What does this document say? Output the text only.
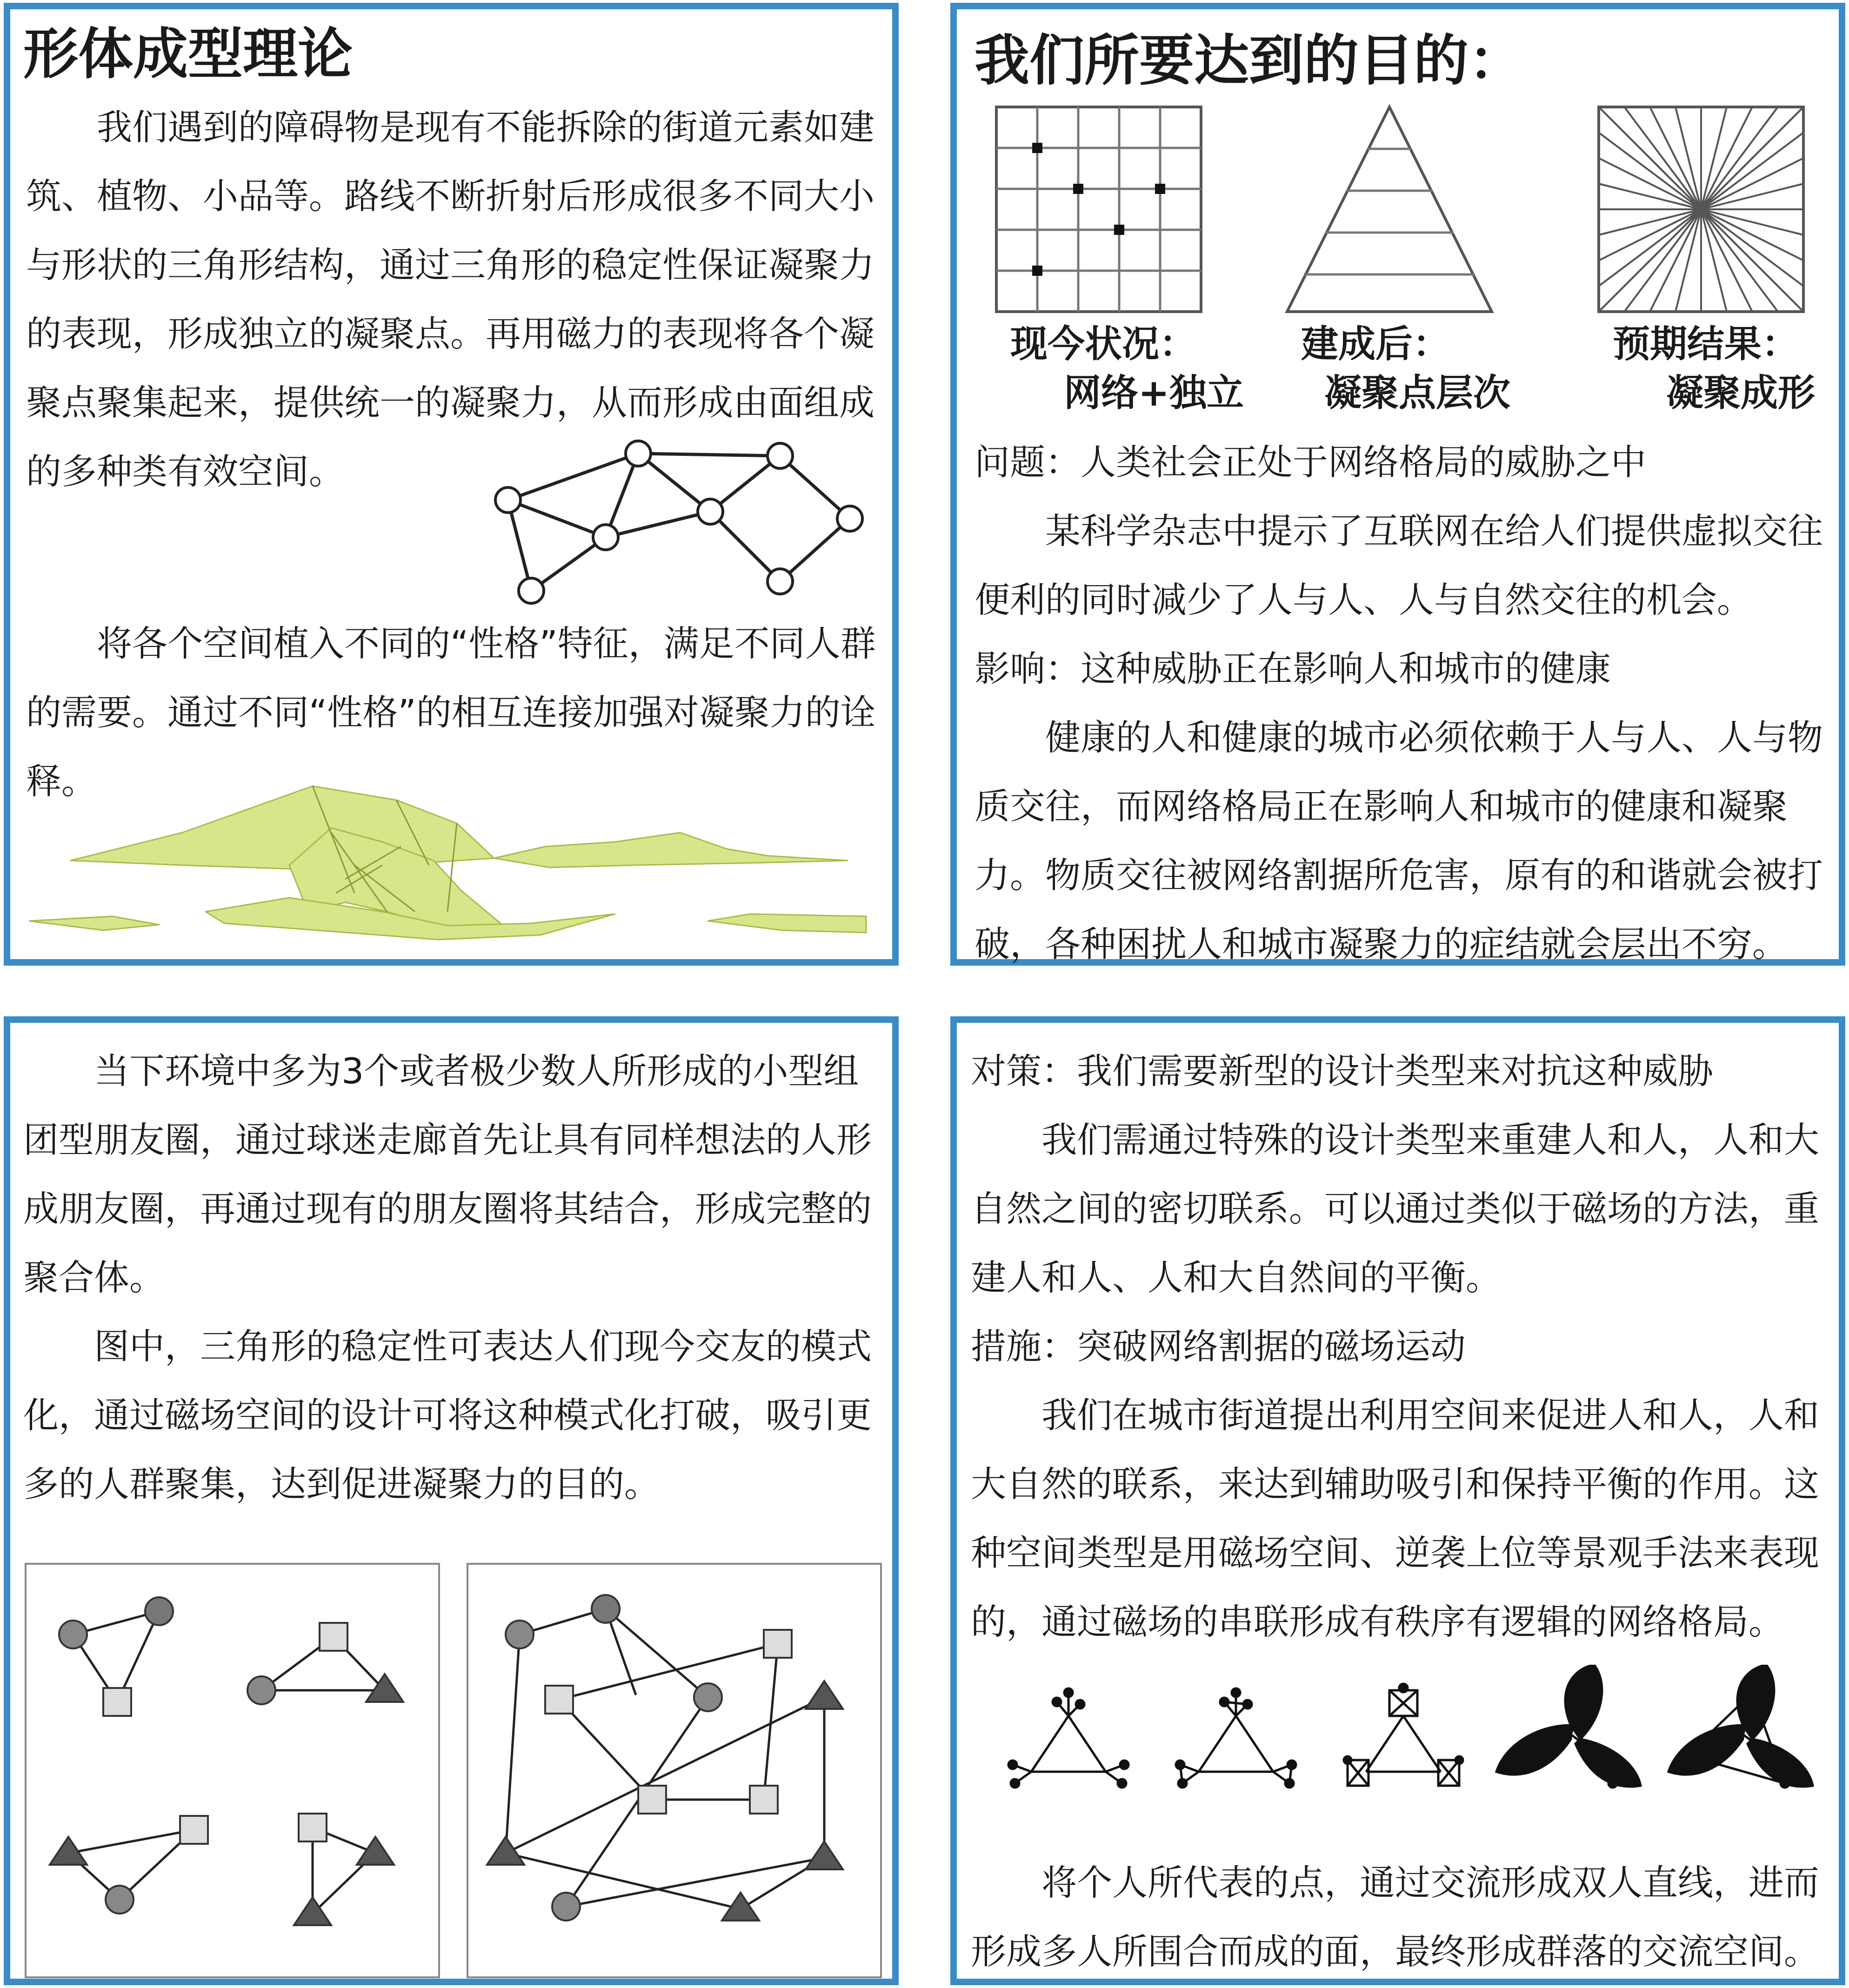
形体成型理论

我们遇到的障碍物是现有不能拆除的街道元素如建筑、植物、小品等。路线不断折射后形成很多不同大小与形状的三角形结构，通过三角形的稳定性保证凝聚力的表现，形成独立的凝聚点。再用磁力的表现将各个凝聚点聚集起来，提供统一的凝聚力，从而形成由面组成的多种类有效空间。

将各个空间植入不同的“性格”特征，满足不同人群的需要。通过不同“性格”的相互连接加强对凝聚力的诠释。

我们所要达到的目的：

现今状况：

网络+独立

建成后：

凝聚点层次

预期结果：

凝聚成形

问题：人类社会正处于网络格局的威胁之中

某科学杂志中提示了互联网在给人们提供虚拟交往便利的同时减少了人与人、人与自然交往的机会。

影响：这种威胁正在影响人和城市的健康

健康的人和健康的城市必须依赖于人与人、人与物质交往，而网络格局正在影响人和城市的健康和凝聚力。物质交往被网络割据所危害，原有的和谐就会被打破，各种困扰人和城市凝聚力的症结就会层出不穷。

当下环境中多为3个或者极少数人所形成的小型组团型朋友圈，通过球迷走廊首先让具有同样想法的人形成朋友圈，再通过现有的朋友圈将其结合，形成完整的聚合体。

图中，三角形的稳定性可表达人们现今交友的模式化，通过磁场空间的设计可将这种模式化打破，吸引更多的人群聚集，达到促进凝聚力的目的。

对策：我们需要新型的设计类型来对抗这种威胁

我们需通过特殊的设计类型来重建人和人，人和大自然之间的密切联系。可以通过类似于磁场的方法，重建人和人、人和大自然间的平衡。

措施：突破网络割据的磁场运动

我们在城市街道提出利用空间来促进人和人，人和大自然的联系，来达到辅助吸引和保持平衡的作用。这种空间类型是用磁场空间、逆袭上位等景观手法来表现的，通过磁场的串联形成有秩序有逻辑的网络格局。

将个人所代表的点，通过交流形成双人直线，进而形成多人所围合而成的面，最终形成群落的交流空间。
